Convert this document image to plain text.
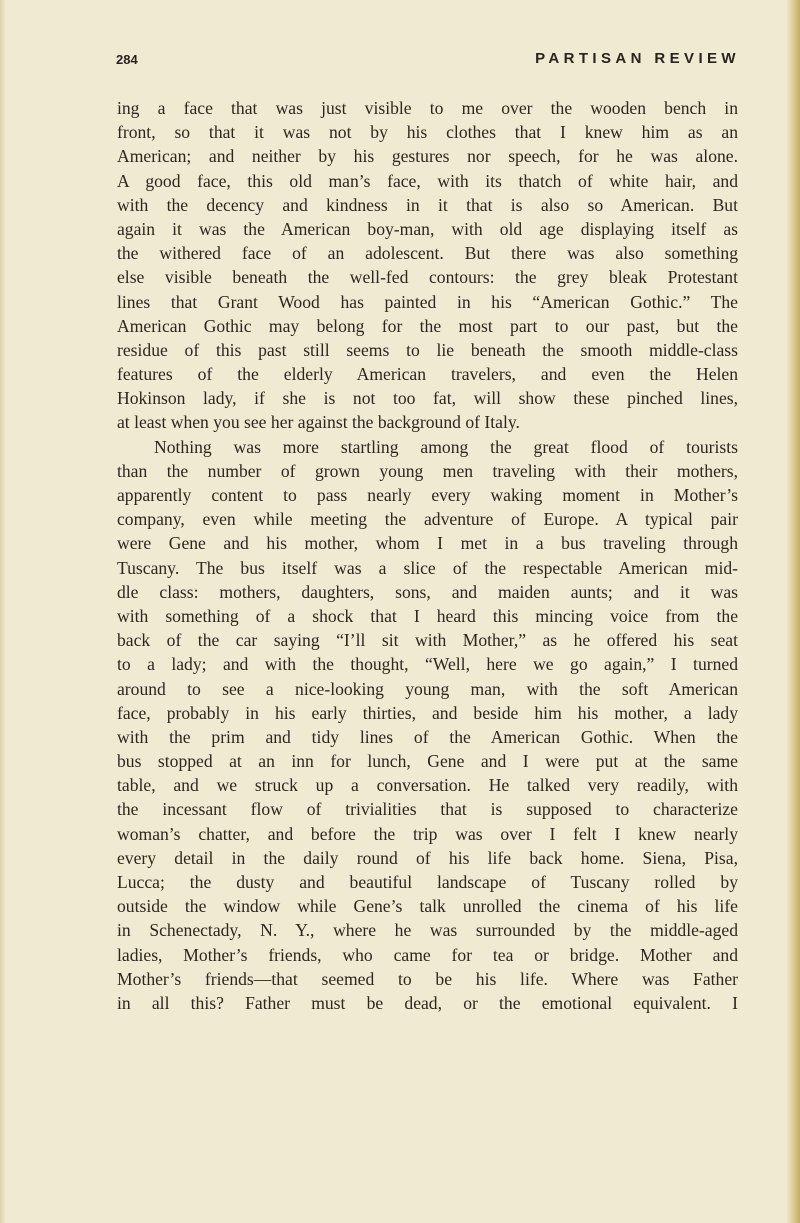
284	PARTISAN REVIEW
ing a face that was just visible to me over the wooden bench in
front, so that it was not by his clothes that I knew him as an
American; and neither by his gestures nor speech, for he was alone.
A good face, this old man’s face, with its thatch of white hair, and
with the decency and kindness in it that is also so American. But
again it was the American boy-man, with old age displaying itself as
the withered face of an adolescent. But there was also something
else visible beneath the well-fed contours: the grey bleak Protestant
lines that Grant Wood has painted in his “American Gothic.” The
American Gothic may belong for the most part to our past, but the
residue of this past still seems to lie beneath the smooth middle-class
features of the elderly American travelers, and even the Helen
Hokinson lady, if she is not too fat, will show these pinched lines,
at least when you see her against the background of Italy.
Nothing was more startling among the great flood of tourists
than the number of grown young men traveling with their mothers,
apparently content to pass nearly every waking moment in Mother’s
company, even while meeting the adventure of Europe. A typical pair
were Gene and his mother, whom I met in a bus traveling through
Tuscany. The bus itself was a slice of the respectable American mid-
dle class: mothers, daughters, sons, and maiden aunts; and it was
with something of a shock that I heard this mincing voice from the
back of the car saying “I’ll sit with Mother,” as he offered his seat
to a lady; and with the thought, “Well, here we go again,” I turned
around to see a nice-looking young man, with the soft American
face, probably in his early thirties, and beside him his mother, a lady
with the prim and tidy lines of the American Gothic. When the
bus stopped at an inn for lunch, Gene and I were put at the same
table, and we struck up a conversation. He talked very readily, with
the incessant flow of trivialities that is supposed to characterize
woman’s chatter, and before the trip was over I felt I knew nearly
every detail in the daily round of his life back home. Siena, Pisa,
Lucca; the dusty and beautiful landscape of Tuscany rolled by
outside the window while Gene’s talk unrolled the cinema of his life
in Schenectady, N. Y., where he was surrounded by the middle-aged
ladies, Mother’s friends, who came for tea or bridge. Mother and
Mother’s friends—that seemed to be his life. Where was Father
in all this? Father must be dead, or the emotional equivalent. I
